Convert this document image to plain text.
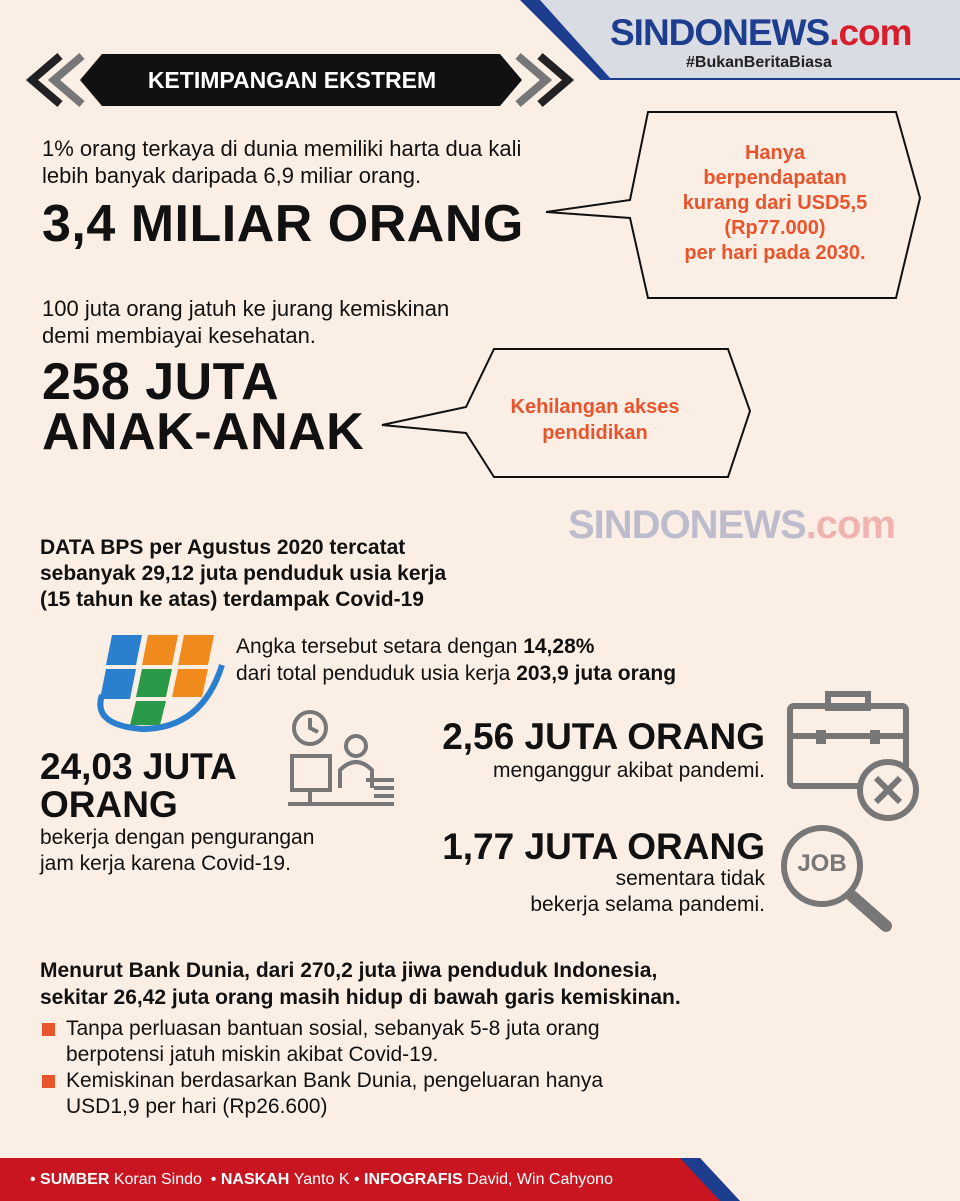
SINDONEWS.com
#BukanBeritaBiasa
KETIMPANGAN EKSTREM
1% orang terkaya di dunia memiliki harta dua kali
lebih banyak daripada 6,9 miliar orang.
3,4 MILIAR ORANG
Hanya
berpendapatan
kurang dari USD5,5
(Rp77.000)
per hari pada 2030.
100 juta orang jatuh ke jurang kemiskinan
demi membiayai kesehatan.
258 JUTA
ANAK-ANAK	Kehilangan akses
pendidikan
SINDONEWS.com
DATA BPS per Agustus 2020 tercatat
sebanyak 29,12 juta penduduk usia kerja
(15 tahun ke atas) terdampak Covid-19
Angka tersebut setara dengan 14,28%
dari total penduduk usia kerja 203,9 juta orang
24,03 JUTA
ORANG
bekerja dengan pengurangan
jam kerja karena Covid-19.
2,56 JUTA ORANG
menganggur akibat pandemi.
1,77 JUTA ORANG
sementara tidak
bekerja selama pandemi.
JOB
Menurut Bank Dunia, dari 270,2 juta jiwa penduduk Indonesia,
sekitar 26,42 juta orang masih hidup di bawah garis kemiskinan.
Tanpa perluasan bantuan sosial, sebanyak 5-8 juta orang
berpotensi jatuh miskin akibat Covid-19.
Kemiskinan berdasarkan Bank Dunia, pengeluaran hanya
USD1,9 per hari (Rp26.600)
• SUMBER
Koran Sindo • NASKAH
Yanto K • INFOGRAFIS
David, Win Cahyono
